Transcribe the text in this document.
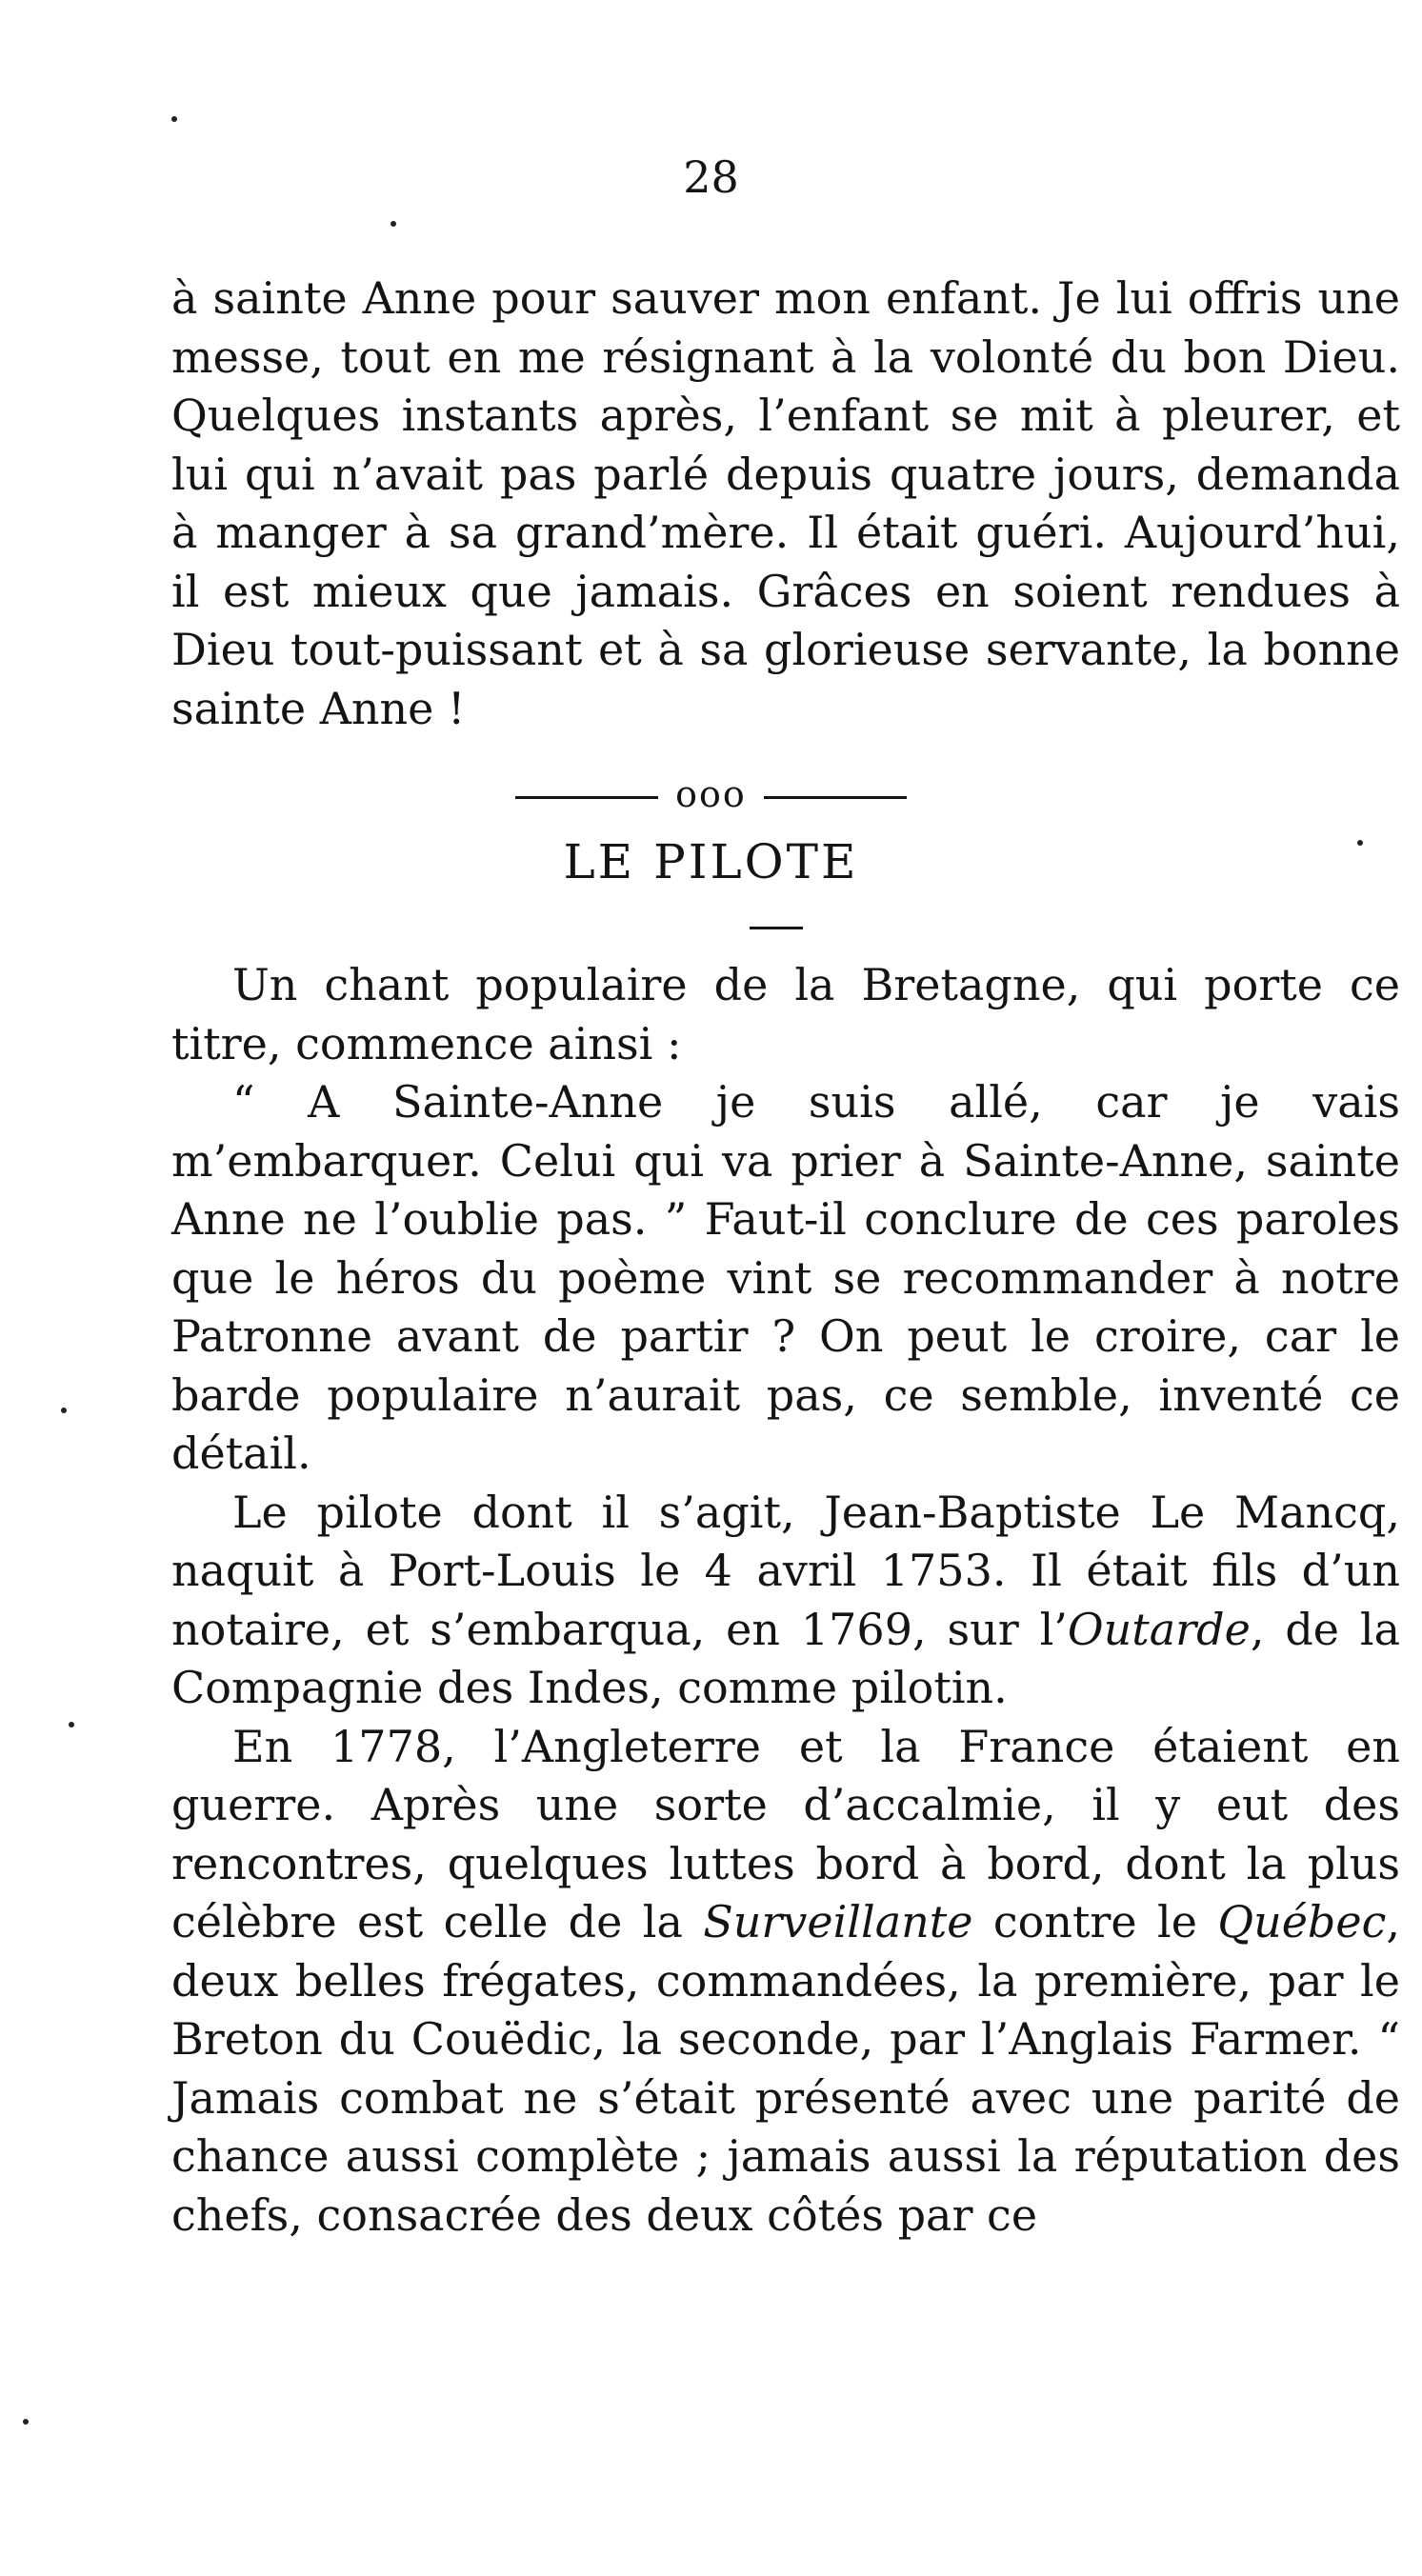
28

à sainte Anne pour sauver mon enfant. Je lui offris une messe, tout en me résignant à la volonté du bon Dieu. Quelques instants après, l’enfant se mit à pleurer, et lui qui n’avait pas parlé depuis quatre jours, demanda à manger à sa grand’mère. Il était guéri. Aujourd’hui, il est mieux que jamais. Grâces en soient rendues à Dieu tout-puissant et à sa glorieuse servante, la bonne sainte Anne !

ooo
LE PILOTE

Un chant populaire de la Bretagne, qui porte ce titre, commence ainsi :

“ A Sainte-Anne je suis allé, car je vais m’embarquer. Celui qui va prier à Sainte-Anne, sainte Anne ne l’oublie pas. ” Faut-il conclure de ces paroles que le héros du poème vint se recommander à notre Patronne avant de partir ? On peut le croire, car le barde populaire n’aurait pas, ce semble, inventé ce détail.

Le pilote dont il s’agit, Jean-Baptiste Le Mancq, naquit à Port-Louis le 4 avril 1753. Il était fils d’un notaire, et s’embarqua, en 1769, sur l’Outarde, de la Compagnie des Indes, comme pilotin.

En 1778, l’Angleterre et la France étaient en guerre. Après une sorte d’accalmie, il y eut des rencontres, quelques luttes bord à bord, dont la plus célèbre est celle de la Surveillante contre le Québec, deux belles frégates, commandées, la première, par le Breton du Couëdic, la seconde, par l’Anglais Farmer. “ Jamais combat ne s’était présenté avec une parité de chance aussi complète ; jamais aussi la réputation des chefs, consacrée des deux côtés par ce
